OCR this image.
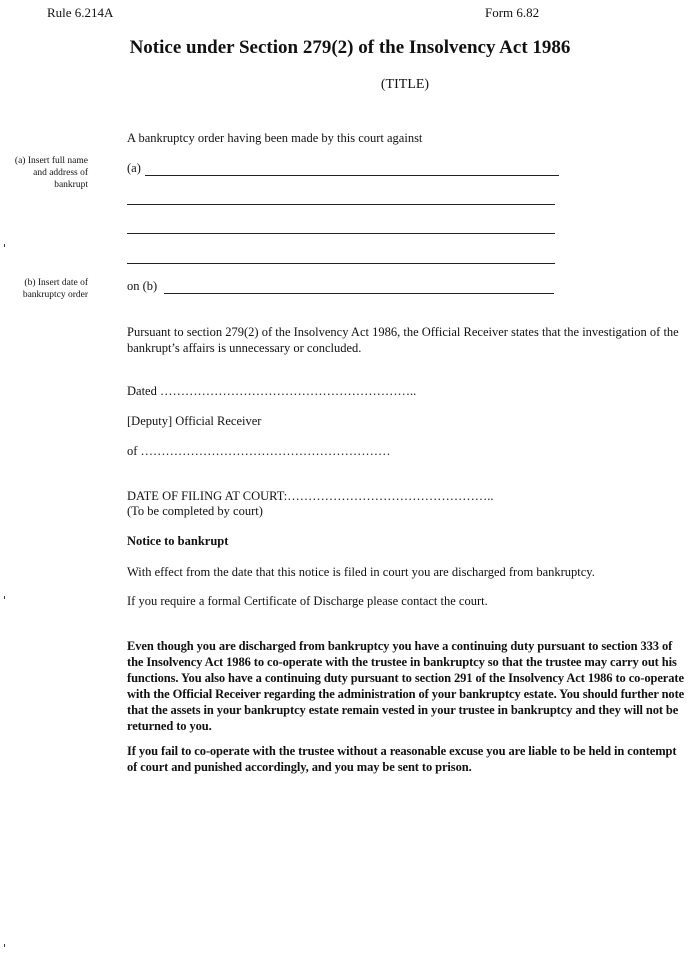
Rule 6.214A	Form 6.82
Notice under Section 279(2) of the Insolvency Act 1986
(TITLE)
A bankruptcy order having been made by this court against
(a) Insert full name
and address of
bankrupt
(a)
(b) Insert date of
bankruptcy order
on (b)
Pursuant to section 279(2) of the Insolvency Act 1986, the Official Receiver states that the investigation of the bankrupt’s affairs is unnecessary or concluded.
Dated ……………………………………………………..
[Deputy] Official Receiver
of ……………………………………………………
DATE OF FILING AT COURT:…………………………………………..
(To be completed by court)
Notice to bankrupt
With effect from the date that this notice is filed in court you are discharged from bankruptcy.
If you require a formal Certificate of Discharge please contact the court.
Even though you are discharged from bankruptcy you have a continuing duty pursuant to section 333 of the Insolvency Act 1986 to co-operate with the trustee in bankruptcy so that the trustee may carry out his functions. You also have a continuing duty pursuant to section 291 of the Insolvency Act 1986 to co-operate with the Official Receiver regarding the administration of your bankruptcy estate. You should further note that the assets in your bankruptcy estate remain vested in your trustee in bankruptcy and they will not be returned to you.
If you fail to co-operate with the trustee without a reasonable excuse you are liable to be held in contempt of court and punished accordingly, and you may be sent to prison.
